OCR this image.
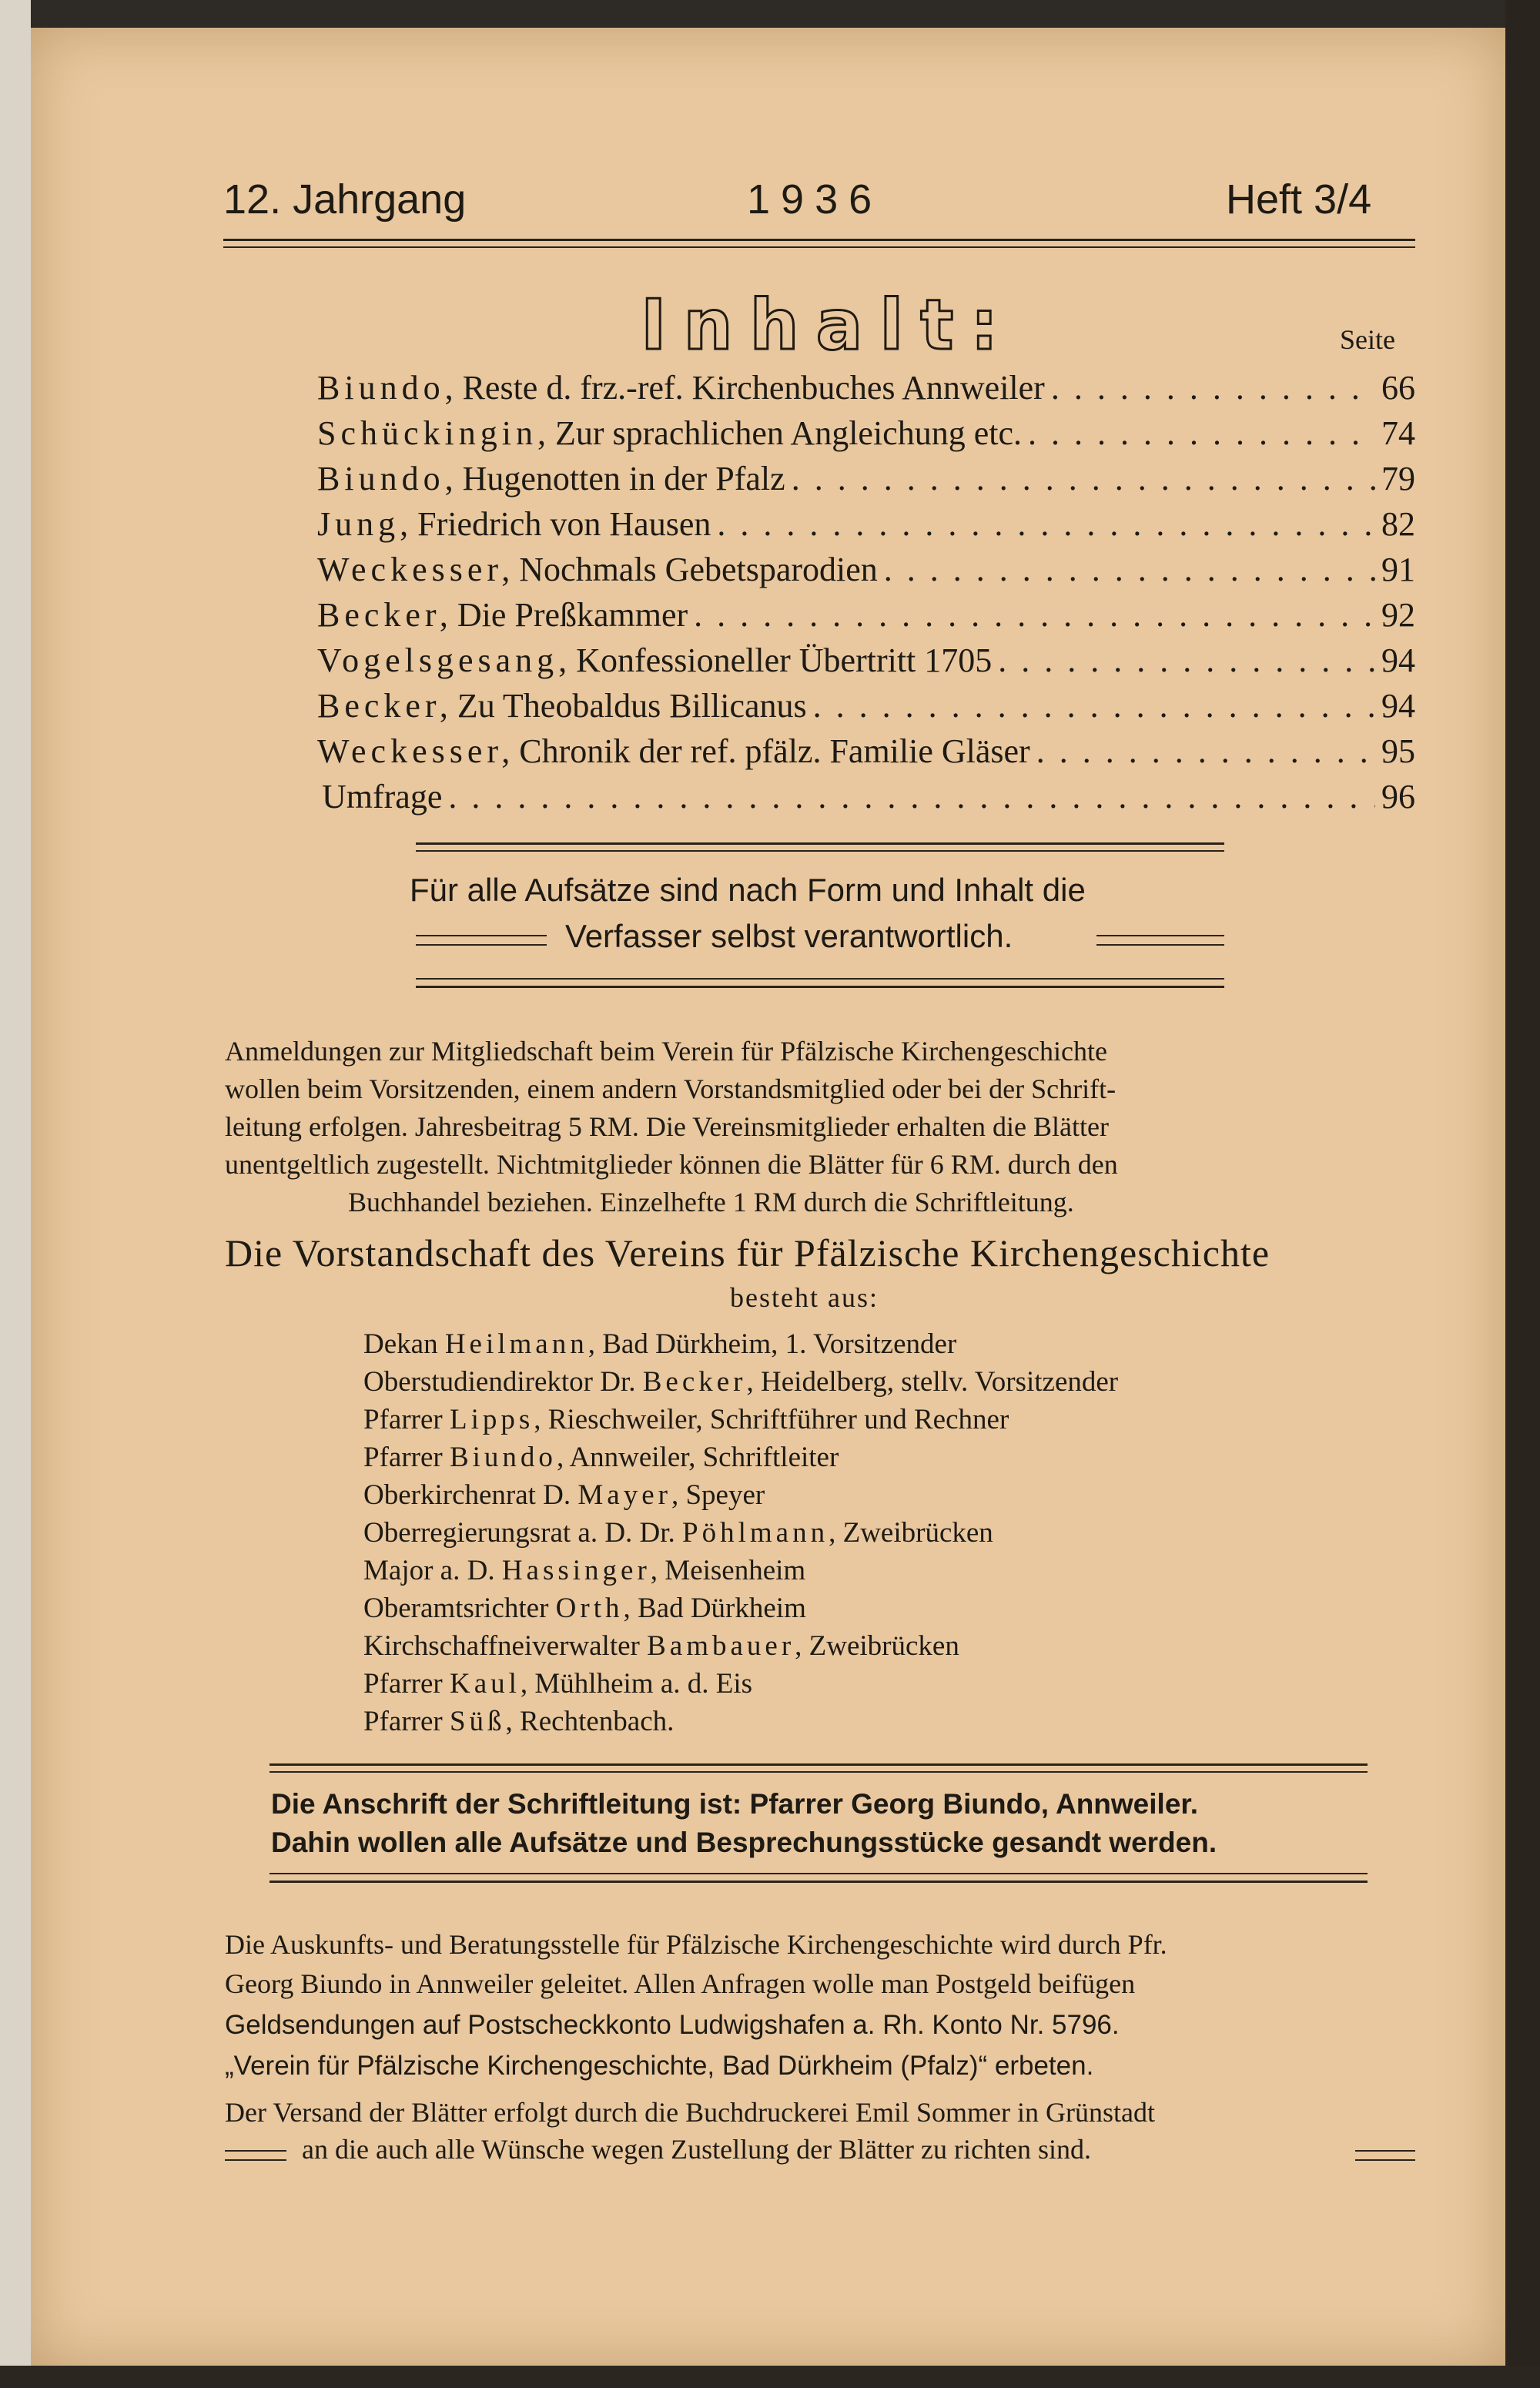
12. Jahrgang	1936	Heft 3/4
Inhalt:	Seite
Biundo, Reste d. frz.-ref. Kirchenbuches Annweiler . . .	66
Schückingin, Zur sprachlichen Angleichung etc. . . .	74
Biundo, Hugenotten in der Pfalz . . .	79
Jung, Friedrich von Hausen . . .	82
Weckesser, Nochmals Gebetsparodien . . .	91
Becker, Die Preßkammer . . .	92
Vogelsgesang, Konfessioneller Übertritt 1705 . . .	94
Becker, Zu Theobaldus Billicanus . . .	94
Weckesser, Chronik der ref. pfälz. Familie Gläser . . .	95
Umfrage . . .	96
Für alle Aufsätze sind nach Form und Inhalt die
Verfasser selbst verantwortlich.
Anmeldungen zur Mitgliedschaft beim Verein für Pfälzische Kirchengeschichte
wollen beim Vorsitzenden, einem andern Vorstandsmitglied oder bei der Schrift-
leitung erfolgen. Jahresbeitrag 5 RM. Die Vereinsmitglieder erhalten die Blätter
unentgeltlich zugestellt. Nichtmitglieder können die Blätter für 6 RM. durch den
Buchhandel beziehen. Einzelhefte 1 RM durch die Schriftleitung.
Die Vorstandschaft des Vereins für Pfälzische Kirchengeschichte
besteht aus:
Dekan Heilmann, Bad Dürkheim, 1. Vorsitzender
Oberstudiendirektor Dr. Becker, Heidelberg, stellv. Vorsitzender
Pfarrer Lipps, Rieschweiler, Schriftführer und Rechner
Pfarrer Biundo, Annweiler, Schriftleiter
Oberkirchenrat D. Mayer, Speyer
Oberregierungsrat a. D. Dr. Pöhlmann, Zweibrücken
Major a. D. Hassinger, Meisenheim
Oberamtsrichter Orth, Bad Dürkheim
Kirchschaffneiverwalter Bambauer, Zweibrücken
Pfarrer Kaul, Mühlheim a. d. Eis
Pfarrer Süß, Rechtenbach.
Die Anschrift der Schriftleitung ist: Pfarrer Georg Biundo, Annweiler.
Dahin wollen alle Aufsätze und Besprechungsstücke gesandt werden.
Die Auskunfts- und Beratungsstelle für Pfälzische Kirchengeschichte wird durch Pfr.
Georg Biundo in Annweiler geleitet. Allen Anfragen wolle man Postgeld beifügen
Geldsendungen auf Postscheckkonto Ludwigshafen a. Rh. Konto Nr. 5796.
„Verein für Pfälzische Kirchengeschichte, Bad Dürkheim (Pfalz)“ erbeten.
Der Versand der Blätter erfolgt durch die Buchdruckerei Emil Sommer in Grünstadt
an die auch alle Wünsche wegen Zustellung der Blätter zu richten sind.
